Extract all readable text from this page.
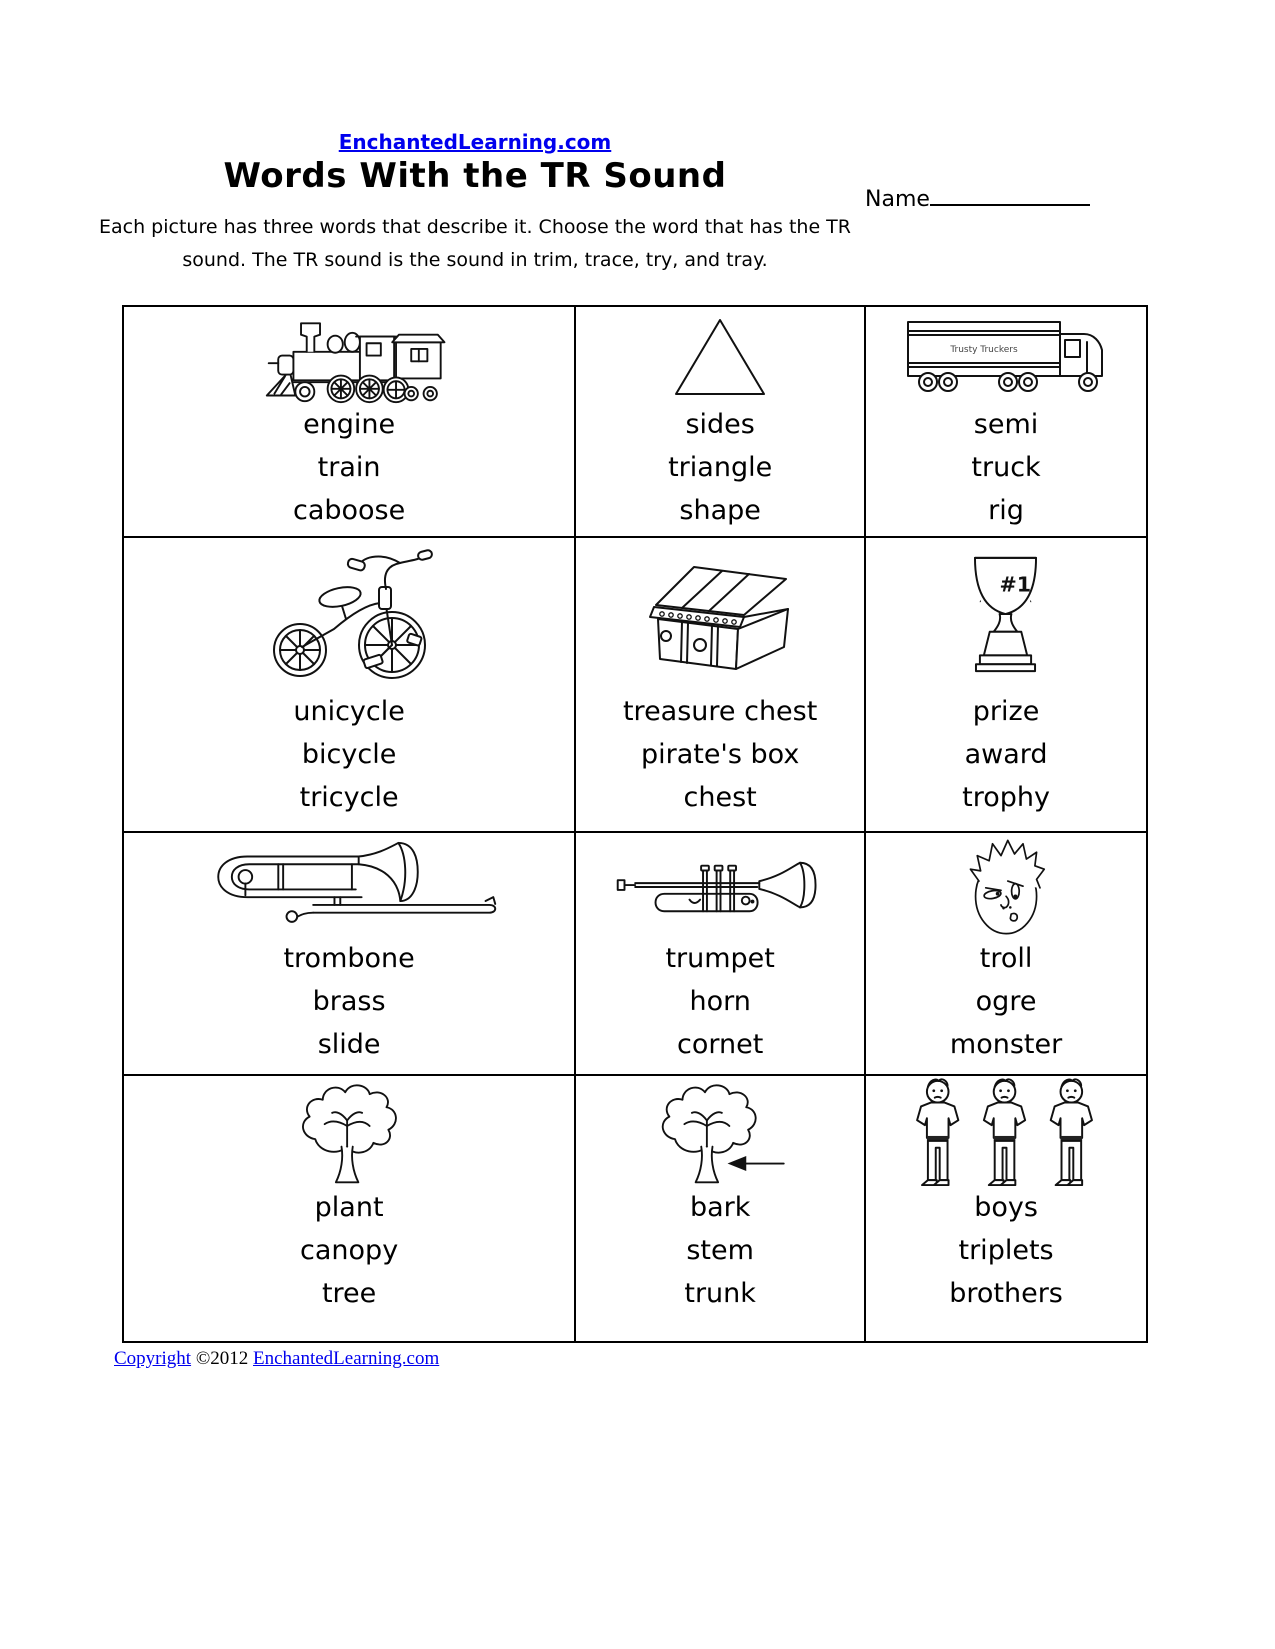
EnchantedLearning.com
Words With the TR Sound
Name
Each picture has three words that describe it. Choose the word that has the TR
sound. The TR sound is the sound in trim, trace, try, and tray.
engine
train
caboose
sides
triangle
shape
Trusty Truckers
semi
truck
rig
unicycle
bicycle
tricycle
treasure chest
pirate's box
chest
#1
prize
award
trophy
trombone
brass
slide
trumpet
horn
cornet
troll
ogre
monster
plant
canopy
tree
bark
stem
trunk
boys
triplets
brothers
Copyright ©2012 EnchantedLearning.com
